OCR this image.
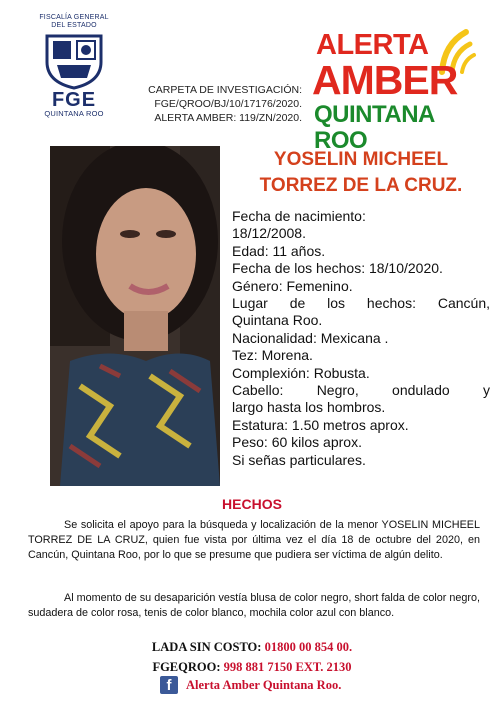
FISCALÍA GENERAL DEL ESTADO
FGE
QUINTANA ROO
CARPETA DE INVESTIGACIÓN:
FGE/QROO/BJ/10/17176/2020.
ALERTA AMBER: 119/ZN/2020.
ALERTA
AMBER
QUINTANA ROO
YOSELIN MICHEEL
TORREZ DE LA CRUZ.
Fecha de nacimiento:
18/12/2008.
Edad: 11 años.
Fecha de los hechos: 18/10/2020.
Género: Femenino.
Lugar de los hechos: Cancún,
Quintana Roo.
Nacionalidad: Mexicana .
Tez: Morena.
Complexión: Robusta.
Cabello: Negro, ondulado y
largo hasta los hombros.
Estatura: 1.50 metros aprox.
Peso: 60 kilos aprox.
Si señas particulares.
HECHOS
Se solicita el apoyo para la búsqueda y localización de la menor YOSELIN MICHEEL TORREZ DE LA CRUZ, quien fue vista por última vez el día 18 de octubre del 2020, en Cancún, Quintana Roo, por lo que se presume que pudiera ser víctima de algún delito.
Al momento de su desaparición vestía blusa de color negro, short falda de color negro, sudadera de color rosa, tenis de color blanco, mochila color azul con blanco.
LADA SIN COSTO: 01800 00 854 00.
FGEQROO: 998 881 7150 EXT. 2130
f Alerta Amber Quintana Roo.
